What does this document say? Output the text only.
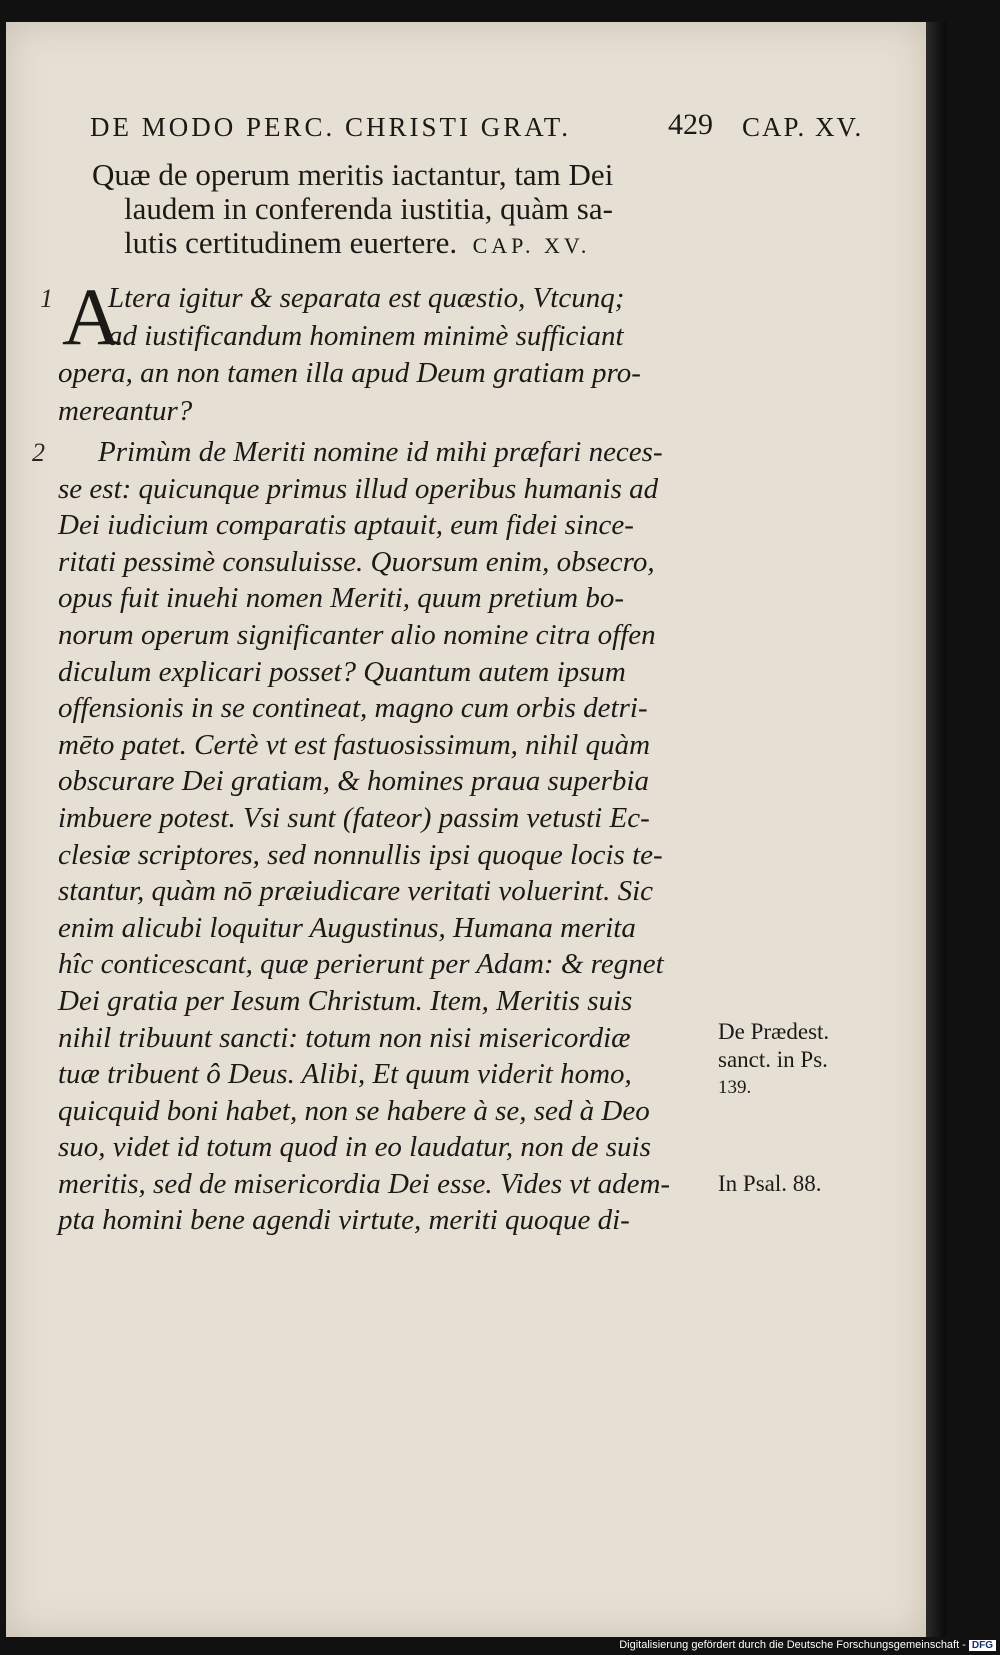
DE MODO PERC. CHRISTI GRAT.	429 CAP. XV.
Quæ de operum meritis iactantur, tam Dei
laudem in conferenda iustitia, quàm sa-
lutis certitudinem euertere. CAP. XV.
1
2
A
Ltera igitur & separata est quæstio, Vtcunq;
ad iustificandum hominem minimè sufficiant
opera, an non tamen illa apud Deum gratiam pro-
mereantur?
Primùm de Meriti nomine id mihi præfari neces-
se est: quicunque primus illud operibus humanis ad
Dei iudicium comparatis aptauit, eum fidei since-
ritati pessimè consuluisse. Quorsum enim, obsecro,
opus fuit inuehi nomen Meriti, quum pretium bo-
norum operum significanter alio nomine citra offen
diculum explicari posset? Quantum autem ipsum
offensionis in se contineat, magno cum orbis detri-
mēto patet. Certè vt est fastuosissimum, nihil quàm
obscurare Dei gratiam, & homines praua superbia
imbuere potest. Vsi sunt (fateor) passim vetusti Ec-
clesiæ scriptores, sed nonnullis ipsi quoque locis te-
stantur, quàm nō præiudicare veritati voluerint. Sic
enim alicubi loquitur Augustinus, Humana merita
hîc conticescant, quæ perierunt per Adam: & regnet
Dei gratia per Iesum Christum. Item, Meritis suis
nihil tribuunt sancti: totum non nisi misericordiæ
tuæ tribuent ô Deus. Alibi, Et quum viderit homo,
quicquid boni habet, non se habere à se, sed à Deo
suo, videt id totum quod in eo laudatur, non de suis
meritis, sed de misericordia Dei esse. Vides vt adem-
pta homini bene agendi virtute, meriti quoque di-
De Prædest.
sanct. in Ps.
139.
In Psal. 88.
Digitalisierung gefördert durch die Deutsche Forschungsgemeinschaft - DFG
